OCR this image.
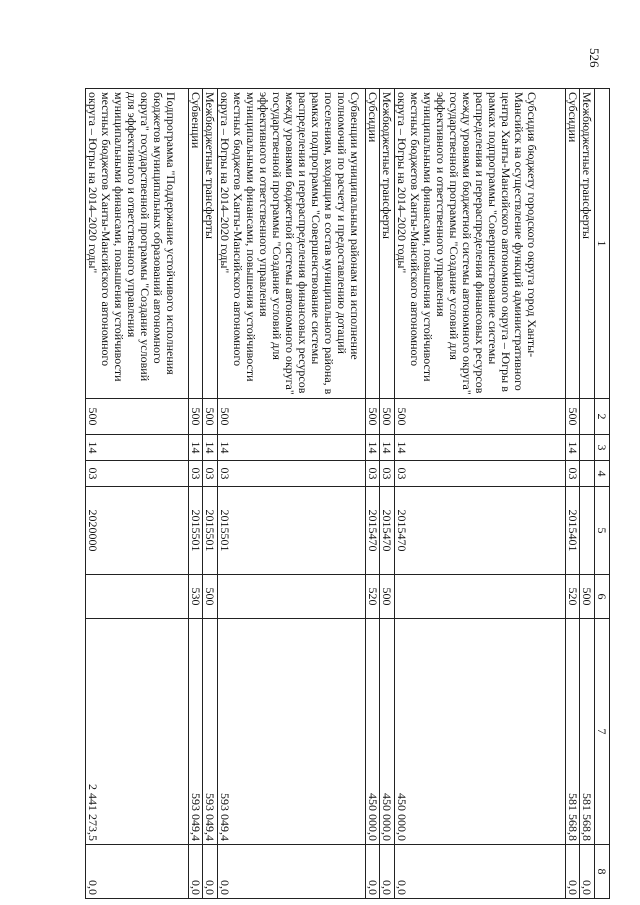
526
1	2	3	4	5	6	7	8
Межбюджетные трансферты					500	581 568,8	0,0
Субсидии	500	14	03	2015401	520	581 568,8	0,0
Субсидия бюджету городского округа город Ханты-Мансийск на осуществление функций административного центра Ханты-Мансийского автономного округа – Югры в рамках подпрограммы "Совершенствование системы распределения и перераспределения финансовых ресурсов между уровнями бюджетной системы автономного округа" государственной программы "Создание условий для эффективного и ответственного управления муниципальными финансами, повышения устойчивости местных бюджетов Ханты-Мансийского автономного округа – Югры на 2014–2020 годы"	500	14	03	2015470		450 000,0	0,0
Межбюджетные трансферты	500	14	03	2015470	500	450 000,0	0,0
Субсидии	500	14	03	2015470	520	450 000,0	0,0
Субвенции муниципальным районам на исполнение полномочий по расчету и предоставлению дотаций поселениям, входящим в состав муниципального района, в рамках подпрограммы "Совершенствование системы распределения и перераспределения финансовых ресурсов между уровнями бюджетной системы автономного округа" государственной программы "Создание условий для эффективного и ответственного управления муниципальными финансами, повышения устойчивости местных бюджетов Ханты-Мансийского автономного округа – Югры на 2014–2020 годы"	500	14	03	2015501		593 049,4	0,0
Межбюджетные трансферты	500	14	03	2015501	500	593 049,4	0,0
Субвенции	500	14	03	2015501	530	593 049,4	0,0
Подпрограмма "Поддержание устойчивого исполнения бюджетов муниципальных образований автономного округа" государственной программы "Создание условий для эффективного и ответственного управления муниципальными финансами, повышения устойчивости местных бюджетов Ханты-Мансийского автономного округа – Югры на 2014–2020 годы"	500	14	03	2020000		2 441 273,5	0,0
